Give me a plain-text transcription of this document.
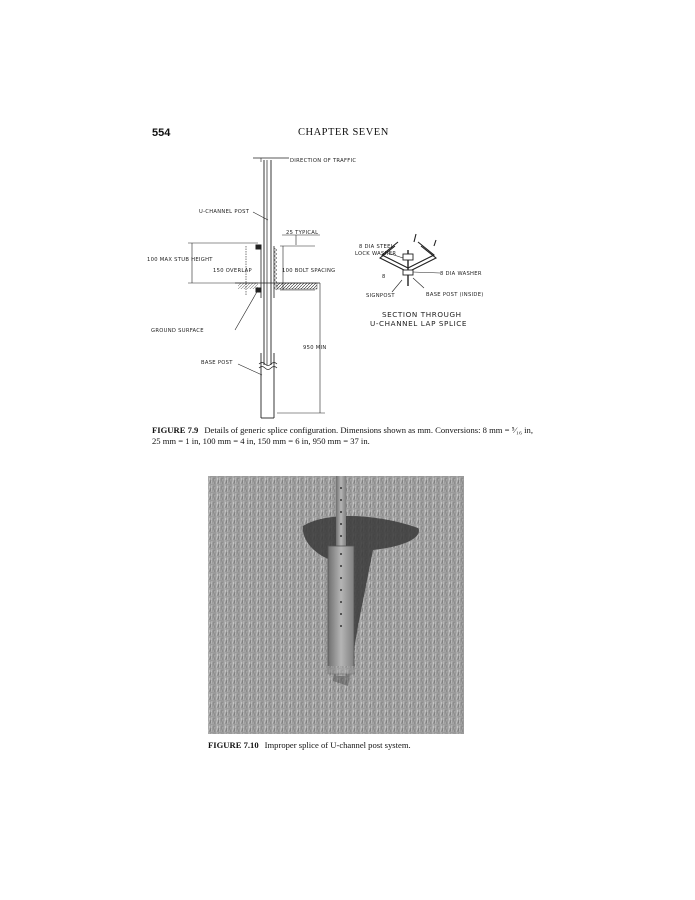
554	CHAPTER SEVEN
DIRECTION OF TRAFFIC
U-CHANNEL POST
25 TYPICAL
100 MAX STUB HEIGHT
150 OVERLAP	100 BOLT SPACING
GROUND SURFACE
950 MIN
BASE POST
8 DIA STEEL
LOCK WASHER
8	8 DIA WASHER
SIGNPOST	BASE POST (INSIDE)
SECTION THROUGH
U-CHANNEL LAP SPLICE
FIGURE 7.9 Details of generic splice configuration. Dimensions shown as mm. Conversions: 8 mm = ⁵⁄₁₆ in, 25 mm = 1 in, 100 mm = 4 in, 150 mm = 6 in, 950 mm = 37 in.
FIGURE 7.10 Improper splice of U-channel post system.
